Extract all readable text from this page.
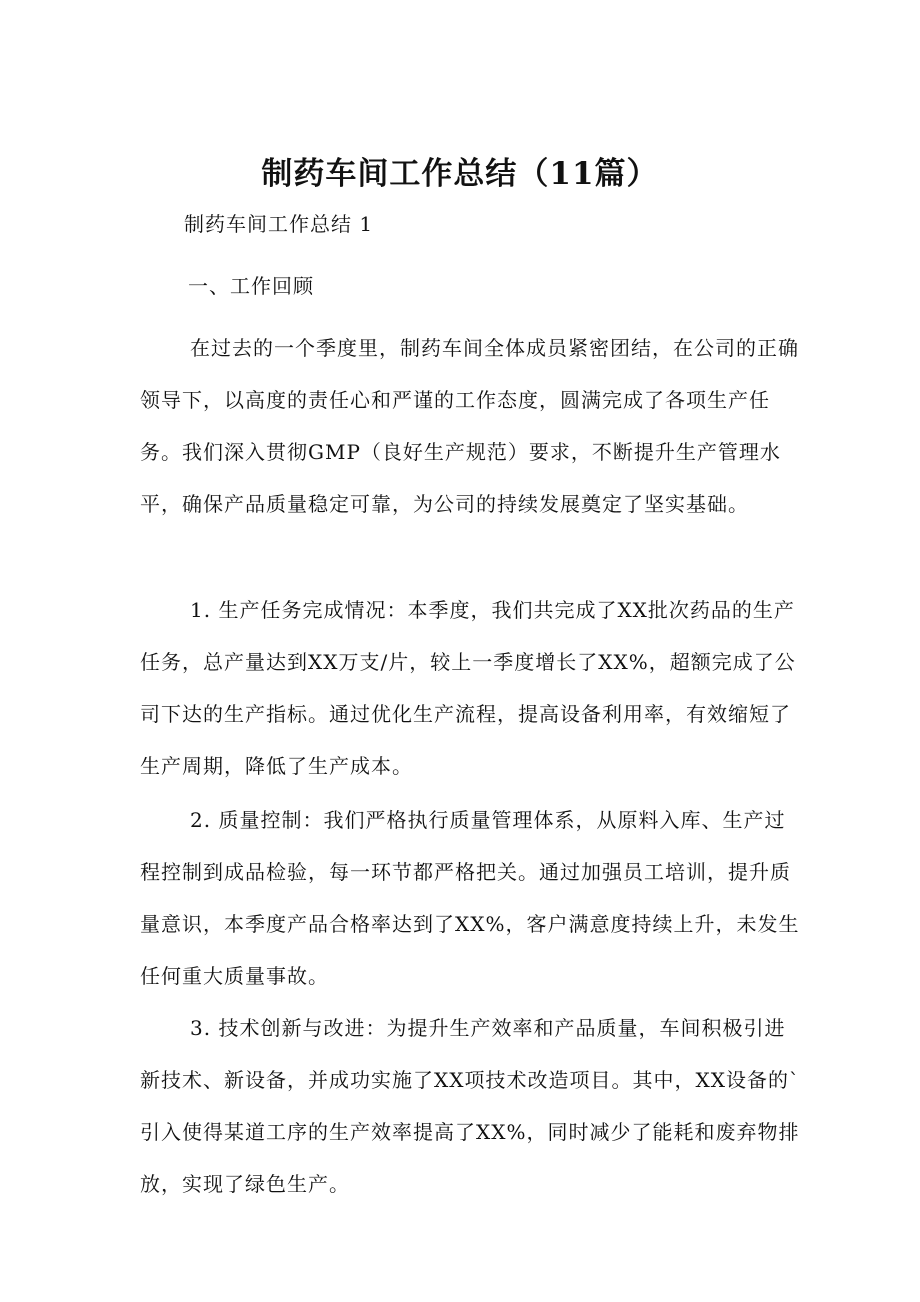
制药车间工作总结（11篇）
制药车间工作总结 1
一、工作回顾

在过去的一个季度里，制药车间全体成员紧密团结，在公司的正确领导下，以高度的责任心和严谨的工作态度，圆满完成了各项生产任务。我们深入贯彻GMP（良好生产规范）要求，不断提升生产管理水平，确保产品质量稳定可靠，为公司的持续发展奠定了坚实基础。

1. 生产任务完成情况：本季度，我们共完成了XX批次药品的生产任务，总产量达到XX万支/片，较上一季度增长了XX%，超额完成了公司下达的生产指标。通过优化生产流程，提高设备利用率，有效缩短了生产周期，降低了生产成本。

2. 质量控制：我们严格执行质量管理体系，从原料入库、生产过程控制到成品检验，每一环节都严格把关。通过加强员工培训，提升质量意识，本季度产品合格率达到了XX%，客户满意度持续上升，未发生任何重大质量事故。

3. 技术创新与改进：为提升生产效率和产品质量，车间积极引进新技术、新设备，并成功实施了XX项技术改造项目。其中，XX设备的`引入使得某道工序的生产效率提高了XX%，同时减少了能耗和废弃物排放，实现了绿色生产。
